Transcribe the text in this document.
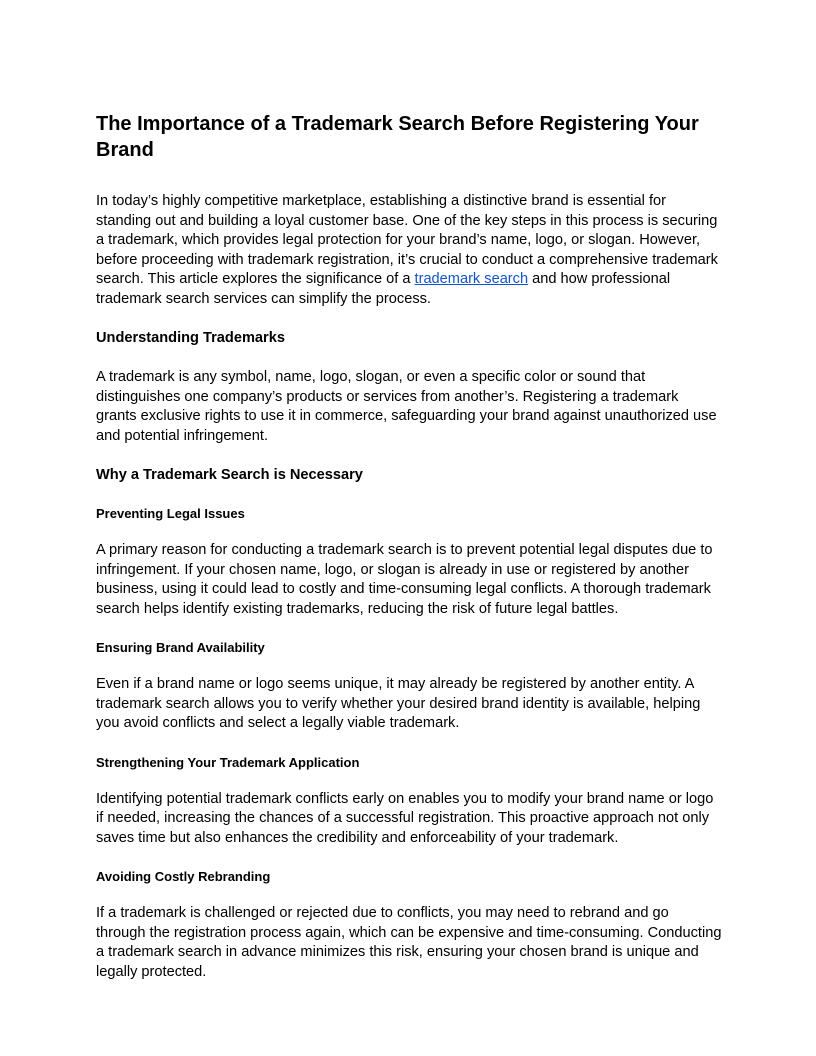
The Importance of a Trademark Search Before Registering Your Brand

In today’s highly competitive marketplace, establishing a distinctive brand is essential for standing out and building a loyal customer base. One of the key steps in this process is securing a trademark, which provides legal protection for your brand’s name, logo, or slogan. However, before proceeding with trademark registration, it’s crucial to conduct a comprehensive trademark search. This article explores the significance of a trademark search and how professional trademark search services can simplify the process.

Understanding Trademarks

A trademark is any symbol, name, logo, slogan, or even a specific color or sound that distinguishes one company’s products or services from another’s. Registering a trademark grants exclusive rights to use it in commerce, safeguarding your brand against unauthorized use and potential infringement.

Why a Trademark Search is Necessary
Preventing Legal Issues

A primary reason for conducting a trademark search is to prevent potential legal disputes due to infringement. If your chosen name, logo, or slogan is already in use or registered by another business, using it could lead to costly and time-consuming legal conflicts. A thorough trademark search helps identify existing trademarks, reducing the risk of future legal battles.

Ensuring Brand Availability

Even if a brand name or logo seems unique, it may already be registered by another entity. A trademark search allows you to verify whether your desired brand identity is available, helping you avoid conflicts and select a legally viable trademark.

Strengthening Your Trademark Application

Identifying potential trademark conflicts early on enables you to modify your brand name or logo if needed, increasing the chances of a successful registration. This proactive approach not only saves time but also enhances the credibility and enforceability of your trademark.

Avoiding Costly Rebranding

If a trademark is challenged or rejected due to conflicts, you may need to rebrand and go through the registration process again, which can be expensive and time-consuming. Conducting a trademark search in advance minimizes this risk, ensuring your chosen brand is unique and legally protected.
